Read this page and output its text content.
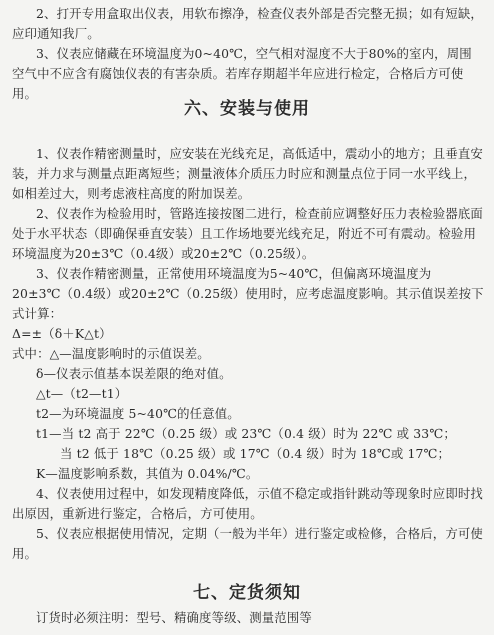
2、打开专用盒取出仪表，用软布擦净，检查仪表外部是否完整无损；如有短缺，应印通知我厂。

3、仪表应储藏在环境温度为0~40℃，空气相对湿度不大于80%的室内，周围空气中不应含有腐蚀仪表的有害杂质。若库存期超半年应进行检定，合格后方可使用。

六、安装与使用

1、仪表作精密测量时，应安装在光线充足，高低适中，震动小的地方；且垂直安装，并力求与测量点距离短些；测量液体介质压力时应和测量点位于同一水平线上，如相差过大，则考虑液柱高度的附加误差。

2、仪表作为检验用时，管路连接按图二进行，检查前应调整好压力表检验器底面处于水平状态（即确保垂直安装）且工作场地要光线充足，附近不可有震动。检验用环境温度为20±3℃（0.4级）或20±2℃（0.25级）。

3、仪表作精密测量，正常使用环境温度为5~40℃，但偏离环境温度为20±3℃（0.4级）或20±2℃（0.25级）使用时，应考虑温度影响。其示值误差按下式计算：

Δ=±（δ＋K△t）

式中：△—温度影响时的示值误差。

δ—仪表示值基本误差限的绝对值。

△t—（t2—t1）

t2—为环境温度 5~40℃的任意值。

t1—当 t2 高于 22℃（0.25 级）或 23℃（0.4 级）时为 22℃ 或 33℃；

当 t2 低于 18℃（0.25 级）或 17℃（0.4 级）时为 18℃或 17℃；

K—温度影响系数，其值为 0.04%/℃。

4、仪表使用过程中，如发现精度降低，示值不稳定或指针跳动等现象时应即时找出原因，重新进行鉴定，合格后，方可使用。

5、仪表应根据使用情况，定期（一般为半年）进行鉴定或检修，合格后，方可使用。

七、定货须知

订货时必须注明：型号、精确度等级、测量范围等
